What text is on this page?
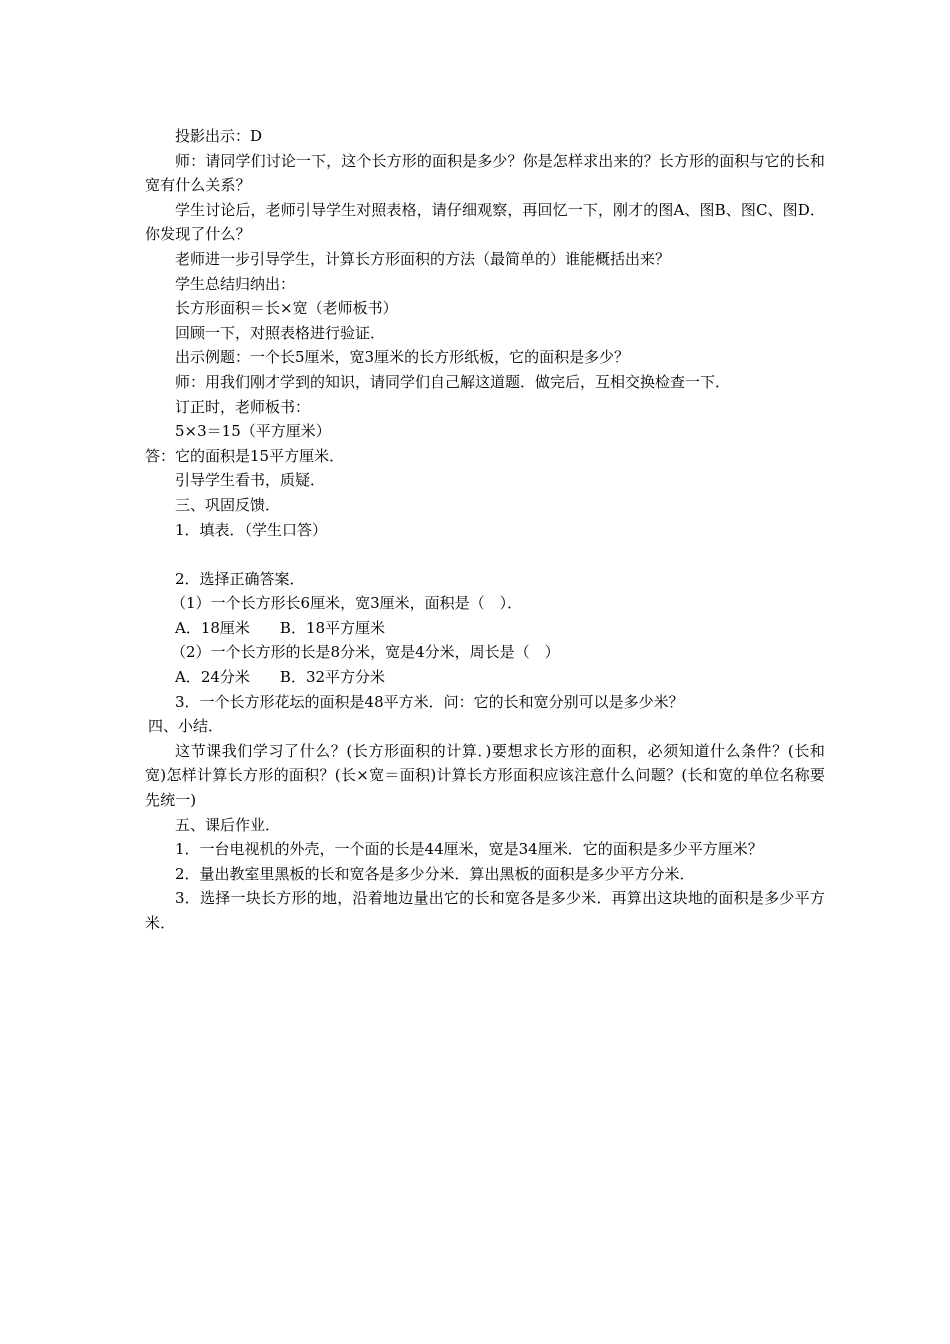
投影出示：D

师：请同学们讨论一下，这个长方形的面积是多少？你是怎样求出来的？长方形的面积与它的长和宽有什么关系？

学生讨论后，老师引导学生对照表格，请仔细观察，再回忆一下，刚才的图A、图B、图C、图D．你发现了什么？

老师进一步引导学生，计算长方形面积的方法（最简单的）谁能概括出来？

学生总结归纳出：

长方形面积＝长×宽（老师板书）

回顾一下，对照表格进行验证．

出示例题：一个长5厘米，宽3厘米的长方形纸板，它的面积是多少？

师：用我们刚才学到的知识，请同学们自己解这道题．做完后，互相交换检查一下．

订正时，老师板书：

5×3＝15（平方厘米）

答：它的面积是15平方厘米．

引导学生看书，质疑．

三、巩固反馈．

1．填表．（学生口答）

2．选择正确答案．

（1）一个长方形长6厘米，宽3厘米，面积是（　）．

A．18厘米 B．18平方厘米

（2）一个长方形的长是8分米，宽是4分米，周长是（　）

A．24分米 B．32平方分米

3．一个长方形花坛的面积是48平方米．问：它的长和宽分别可以是多少米？

四、小结．

这节课我们学习了什么？(长方形面积的计算．)要想求长方形的面积，必须知道什么条件？(长和宽)怎样计算长方形的面积？(长×宽＝面积)计算长方形面积应该注意什么问题？(长和宽的单位名称要先统一)

五、课后作业．

1．一台电视机的外壳，一个面的长是44厘米，宽是34厘米．它的面积是多少平方厘米？

2．量出教室里黑板的长和宽各是多少分米．算出黑板的面积是多少平方分米．

3．选择一块长方形的地，沿着地边量出它的长和宽各是多少米．再算出这块地的面积是多少平方米．
